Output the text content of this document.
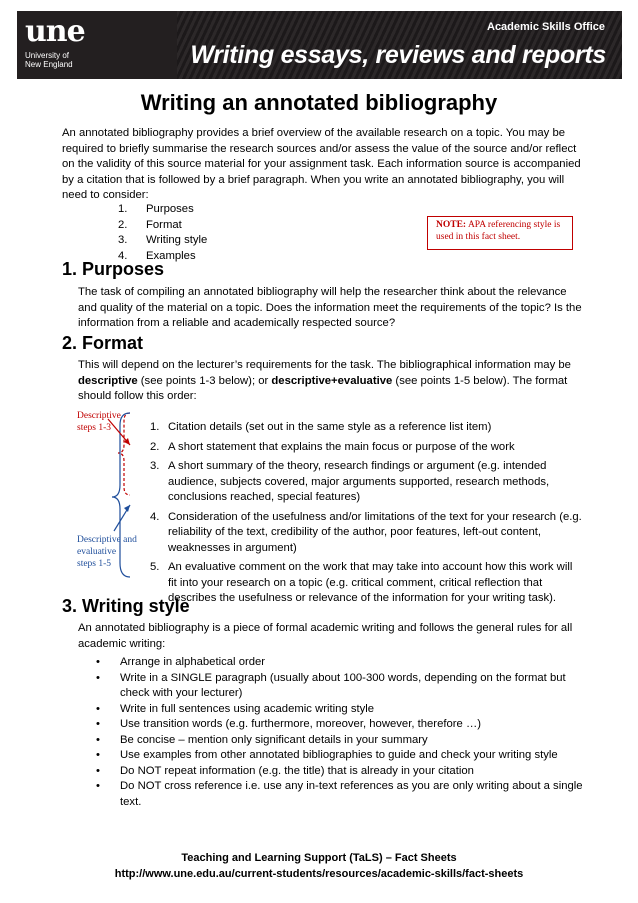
une
University of
New England
Academic Skills Office
Writing essays, reviews and reports
Writing an annotated bibliography

An annotated bibliography provides a brief overview of the available research on a topic. You may be required to briefly summarise the research sources and/or assess the value of the source and/or reflect on the validity of this source material for your assignment task. Each information source is accompanied by a citation that is followed by a brief paragraph. When you write an annotated bibliography, you will need to consider:

1.	Purposes
2.	Format
3.	Writing style
4.	Examples
NOTE: APA referencing style is used in this fact sheet.
1. Purposes

The task of compiling an annotated bibliography will help the researcher think about the relevance and quality of the material on a topic. Does the information meet the requirements of the topic? Is the information from a reliable and academically respected source?

2. Format

This will depend on the lecturer’s requirements for the task. The bibliographical information may be descriptive (see points 1-3 below); or descriptive+evaluative (see points 1-5 below). The format should follow this order:

Descriptive steps 1-3
Descriptive and evaluative steps 1-5
1. Citation details (set out in the same style as a reference list item)
2. A short statement that explains the main focus or purpose of the work
3. A short summary of the theory, research findings or argument (e.g. intended audience, subjects covered, major arguments supported, research methods, conclusions reached, special features)
4. Consideration of the usefulness and/or limitations of the text for your research (e.g. reliability of the text, credibility of the author, poor features, left-out content, weaknesses in argument)
5. An evaluative comment on the work that may take into account how this work will fit into your research on a topic (e.g. critical comment, critical reflection that describes the usefulness or relevance of the information for your writing task).
3. Writing style

An annotated bibliography is a piece of formal academic writing and follows the general rules for all academic writing:

•	Arrange in alphabetical order
•	Write in a SINGLE paragraph (usually about 100-300 words, depending on the format but check with your lecturer)
•	Write in full sentences using academic writing style
•	Use transition words (e.g. furthermore, moreover, however, therefore …)
•	Be concise – mention only significant details in your summary
•	Use examples from other annotated bibliographies to guide and check your writing style
•	Do NOT repeat information (e.g. the title) that is already in your citation
•	Do NOT cross reference i.e. use any in-text references as you are only writing about a single text.
Teaching and Learning Support (TaLS) – Fact Sheets
http://www.une.edu.au/current-students/resources/academic-skills/fact-sheets
